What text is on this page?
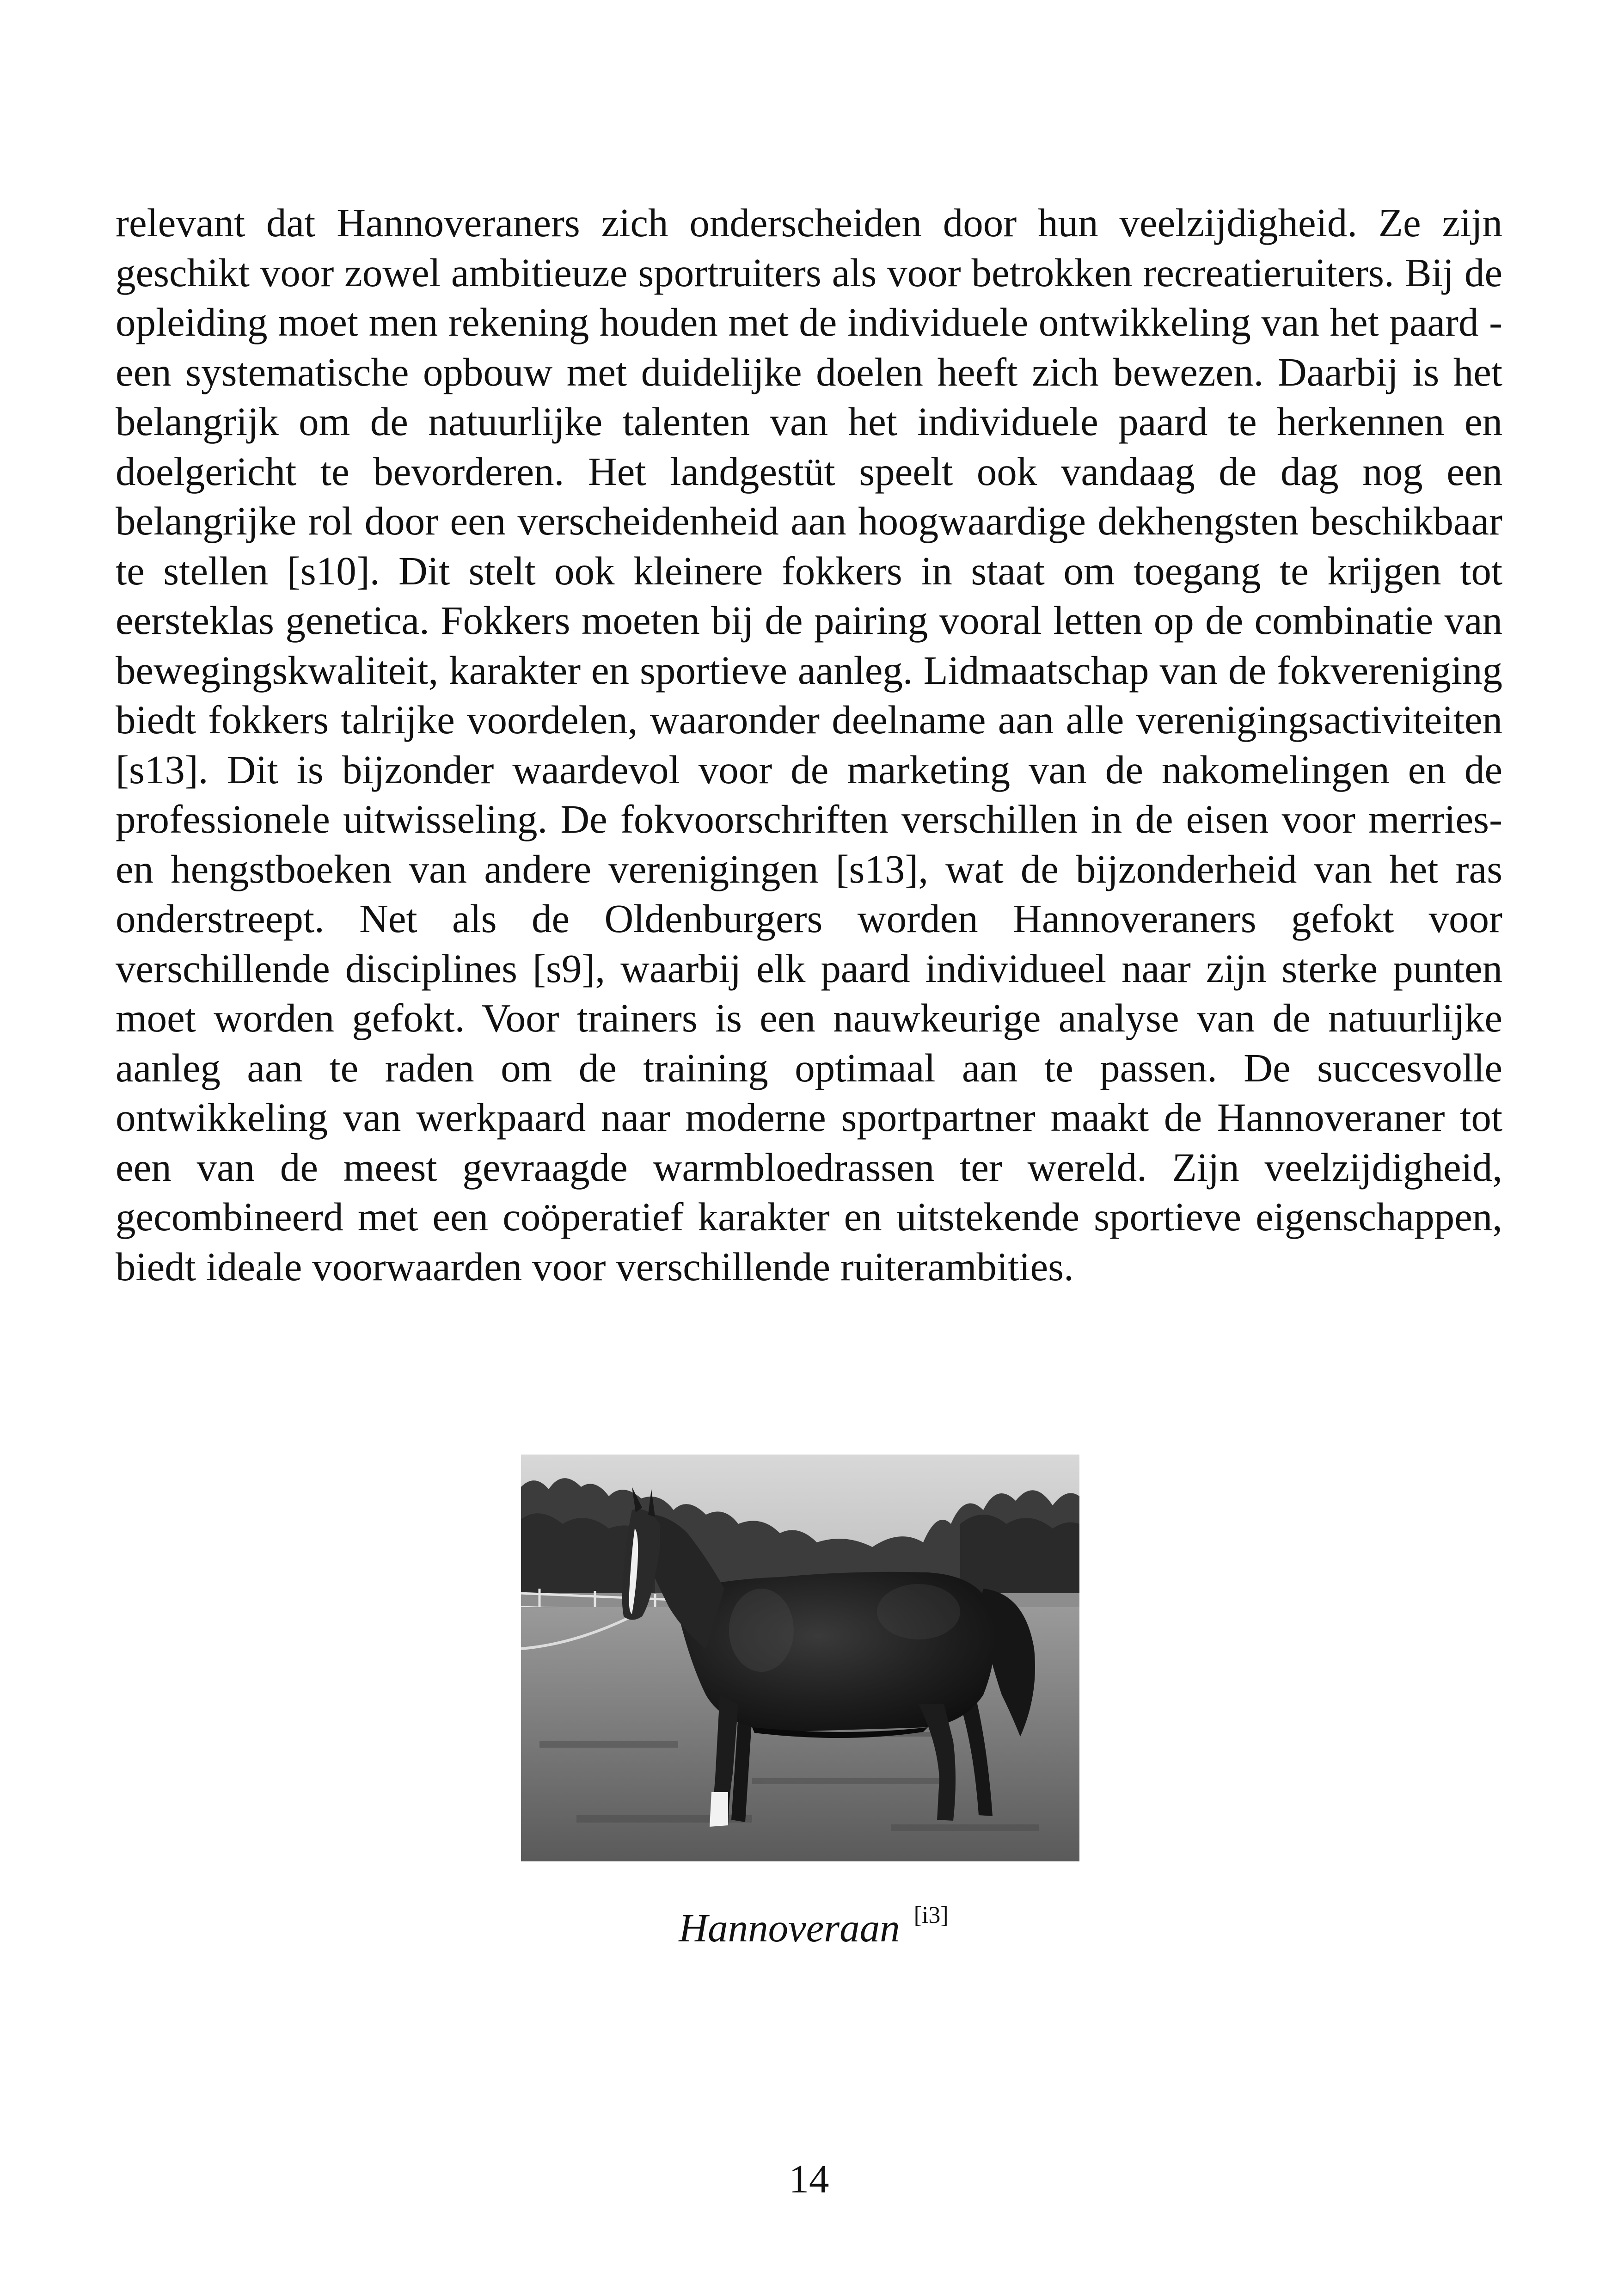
relevant dat Hannoveraners zich onderscheiden door hun veelzijdigheid. Ze zijn geschikt voor zowel ambitieuze sportruiters als voor betrokken recreatieruiters. Bij de opleiding moet men rekening houden met de individuele ontwikkeling van het paard - een systematische opbouw met duidelijke doelen heeft zich bewezen. Daarbij is het belangrijk om de natuurlijke talenten van het individuele paard te herkennen en doelgericht te bevorderen. Het landgestüt speelt ook vandaag de dag nog een belangrijke rol door een verscheidenheid aan hoogwaardige dekhengsten beschikbaar te stellen [s10]. Dit stelt ook kleinere fokkers in staat om toegang te krijgen tot eersteklas genetica. Fokkers moeten bij de pairing vooral letten op de combinatie van bewegingskwaliteit, karakter en sportieve aanleg. Lidmaatschap van de fokvereniging biedt fokkers talrijke voordelen, waaronder deelname aan alle verenigingsactiviteiten [s13]. Dit is bijzonder waardevol voor de marketing van de nakomelingen en de professionele uitwisseling. De fokvoorschriften verschillen in de eisen voor merries- en hengstboeken van andere verenigingen [s13], wat de bijzonderheid van het ras onderstreept. Net als de Oldenburgers worden Hannoveraners gefokt voor verschillende disciplines [s9], waarbij elk paard individueel naar zijn sterke punten moet worden gefokt. Voor trainers is een nauwkeurige analyse van de natuurlijke aanleg aan te raden om de training optimaal aan te passen. De succesvolle ontwikkeling van werkpaard naar moderne sportpartner maakt de Hannoveraner tot een van de meest gevraagde warmbloedrassen ter wereld. Zijn veelzijdigheid, gecombineerd met een coöperatief karakter en uitstekende sportieve eigenschappen, biedt ideale voorwaarden voor verschillende ruiterambities.

Hannoveraan [i3]
14
